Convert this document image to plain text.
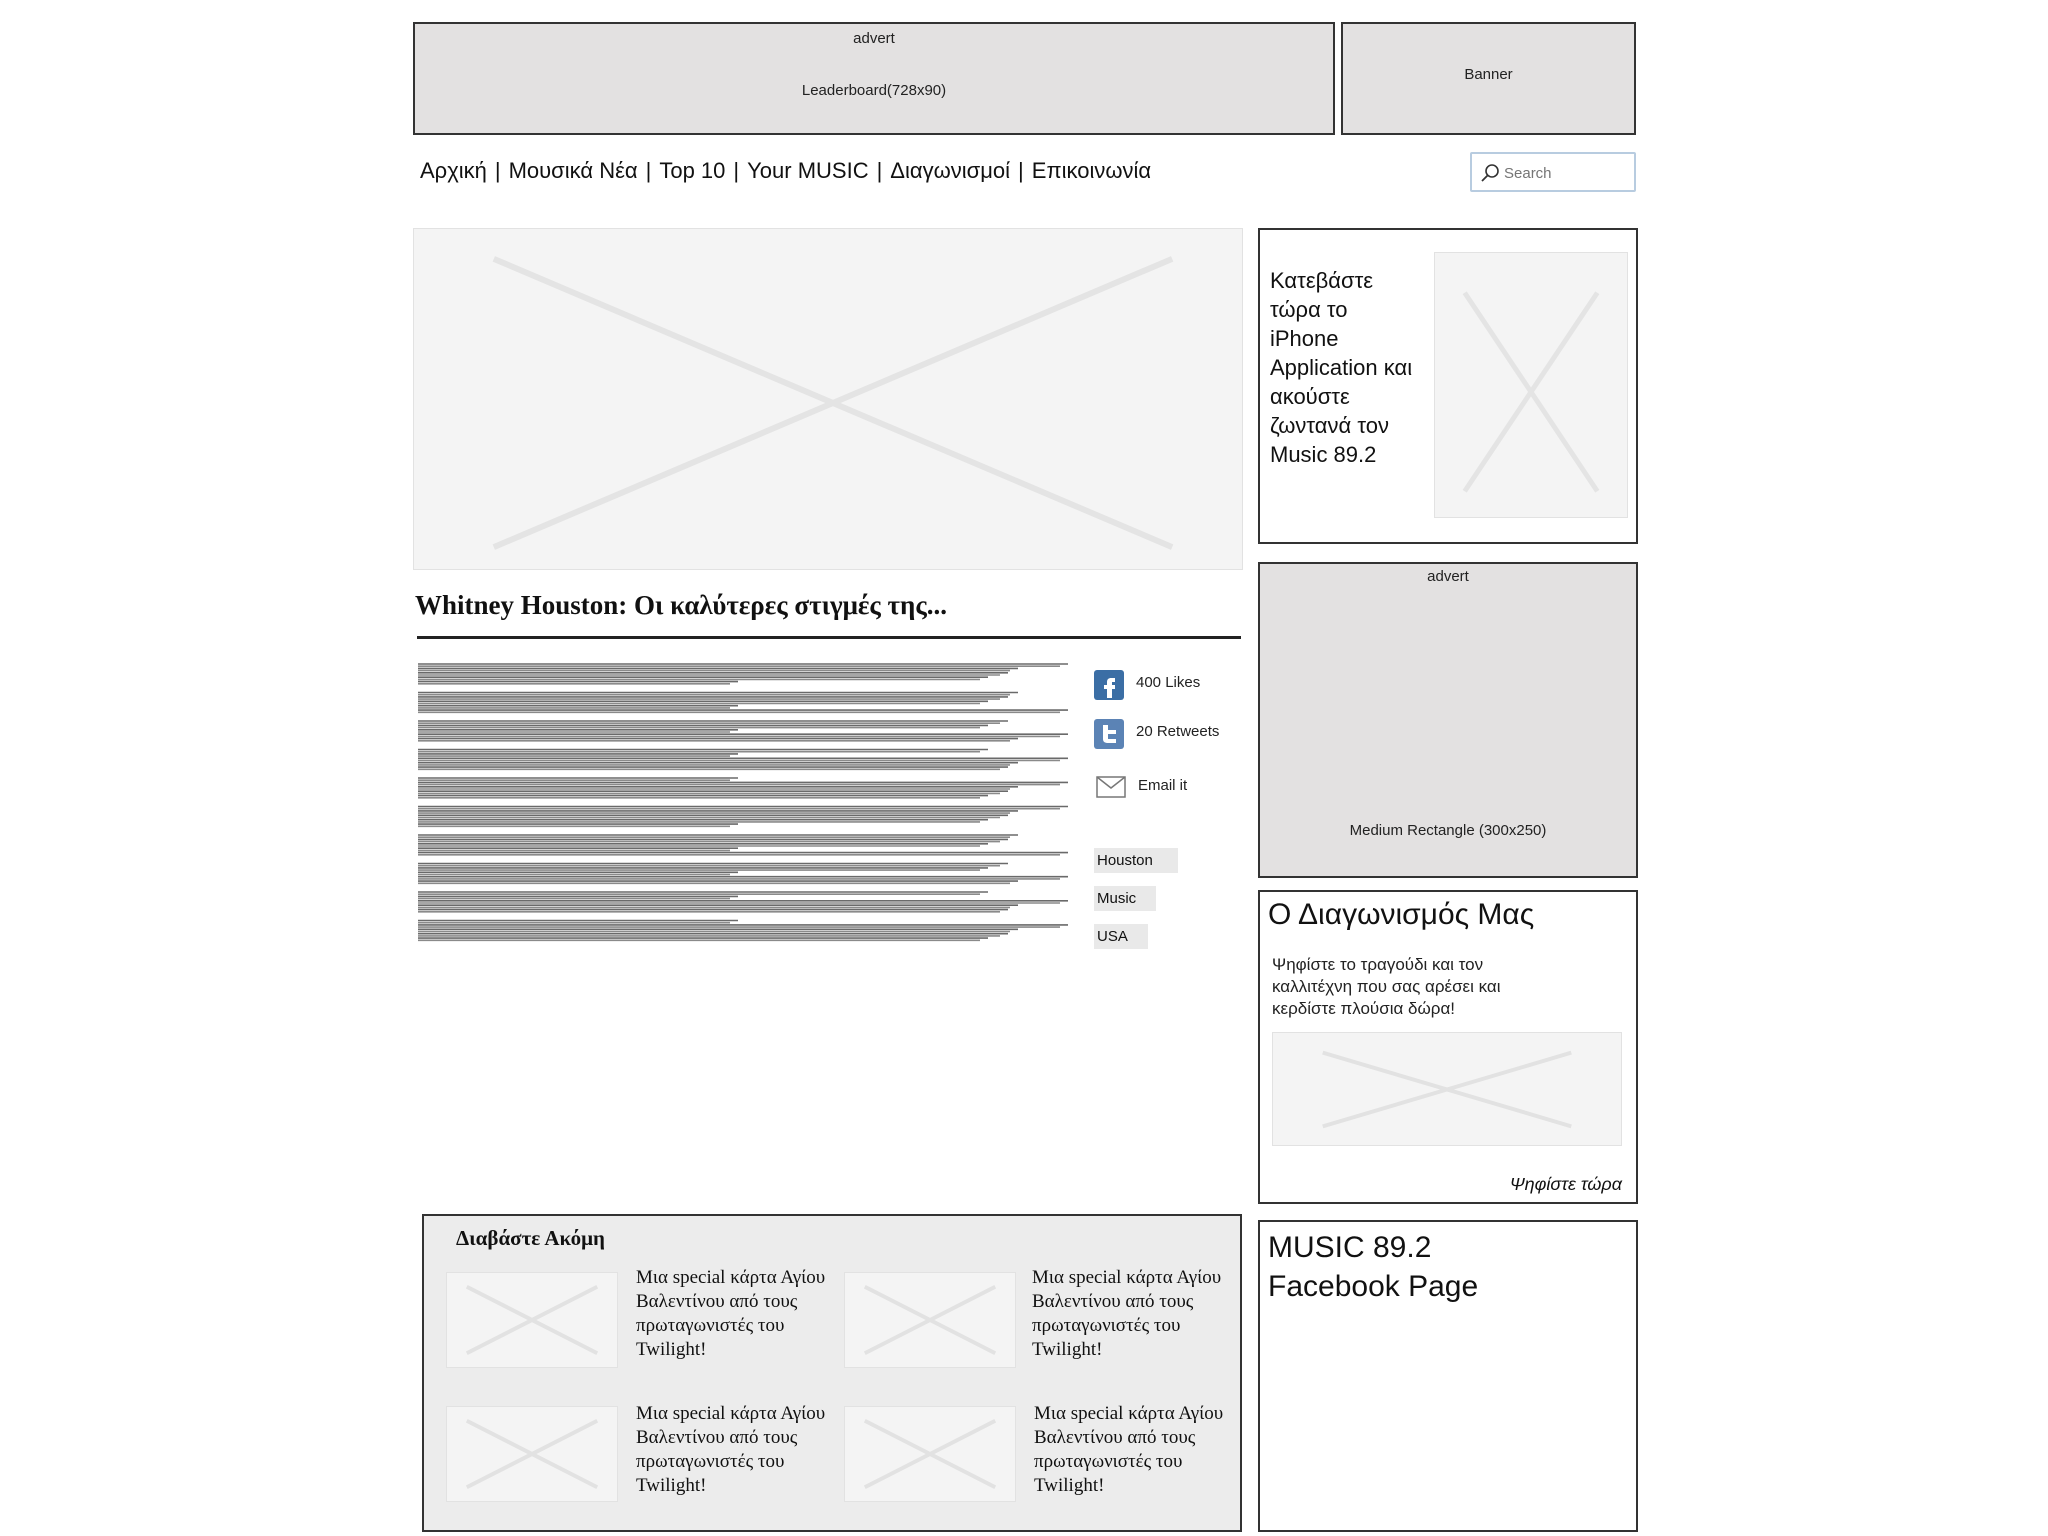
advert
Leaderboard(728x90)
Banner
Αρχική | Μουσικά Νέα | Top 10 | Your MUSIC | Διαγωνισμοί | Επικοινωνία
Search
Κατεβάστε τώρα το iPhone Application και ακούστε ζωντανά τον Music 89.2
Whitney Houston: Οι καλύτερες στιγμές της...
400 Likes
20 Retweets
Email it
Houston
Music
USA
advert
Medium Rectangle (300x250)
Ο Διαγωνισμός Μας
Ψηφίστε το τραγούδι και τον καλλιτέχνη που σας αρέσει και κερδίστε πλούσια δώρα!
Ψηφίστε τώρα
Διαβάστε Ακόμη
Μια special κάρτα Αγίου Βαλεντίνου από τους πρωταγωνιστές του Twilight!
Μια special κάρτα Αγίου Βαλεντίνου από τους πρωταγωνιστές του Twilight!
Μια special κάρτα Αγίου Βαλεντίνου από τους πρωταγωνιστές του Twilight!
Μια special κάρτα Αγίου Βαλεντίνου από τους πρωταγωνιστές του Twilight!
MUSIC 89.2 Facebook Page
